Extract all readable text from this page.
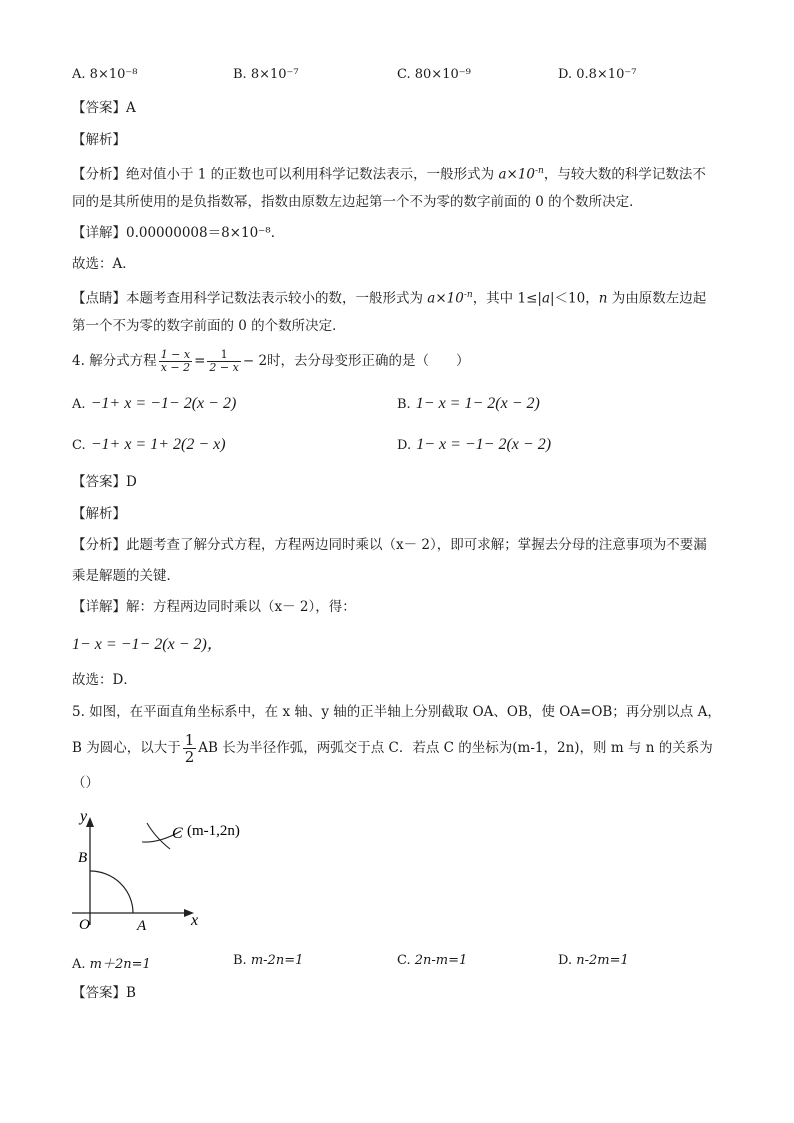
A. 8×10⁻⁸	B. 8×10⁻⁷	C. 80×10⁻⁹	D. 0.8×10⁻⁷
【答案】A
【解析】
【分析】绝对值小于 1 的正数也可以利用科学记数法表示，一般形式为 $a\times 10^{-n}$，与较大数的科学记数法不
同的是其所使用的是负指数幂，指数由原数左边起第一个不为零的数字前面的 0 的个数所决定．
【详解】0.00000008＝8×10⁻⁸．
故选：A．
【点睛】本题考查用科学记数法表示较小的数，一般形式为 $a\times 10^{-n}$，其中 1≤|a|＜10，n 为由原数左边起
第一个不为零的数字前面的 0 的个数所决定．
4. 解分式方程 $\frac{1 - x}{x - 2} = \frac{1}{2 - x} - 2$时，去分母变形正确的是（　　）
A. −1+ x = −1− 2(x − 2)	B. 1− x = 1− 2(x − 2)
C. −1+ x = 1+ 2(2 − x)	D. 1− x = −1− 2(x − 2)
【答案】D
【解析】
【分析】此题考查了解分式方程，方程两边同时乘以（x－ 2），即可求解；掌握去分母的注意事项为不要漏
乘是解题的关键．
【详解】解：方程两边同时乘以（x－ 2），得：
1− x = −1− 2(x − 2)，
故选：D．
5. 如图，在平面直角坐标系中，在 x 轴、y 轴的正半轴上分别截取 OA、OB，使 OA=OB；再分别以点 A，
B 为圆心，以大于 $\frac{1}{2}$ AB 长为半径作弧，两弧交于点 C．若点 C 的坐标为(m-1，2n)，则 m 与 n 的关系为
（）
y
x
O	A
B
C (m-1,2n)
A. m＋2n=1	B. m-2n=1	C. 2n-m=1	D. n-2m=1
【答案】B
